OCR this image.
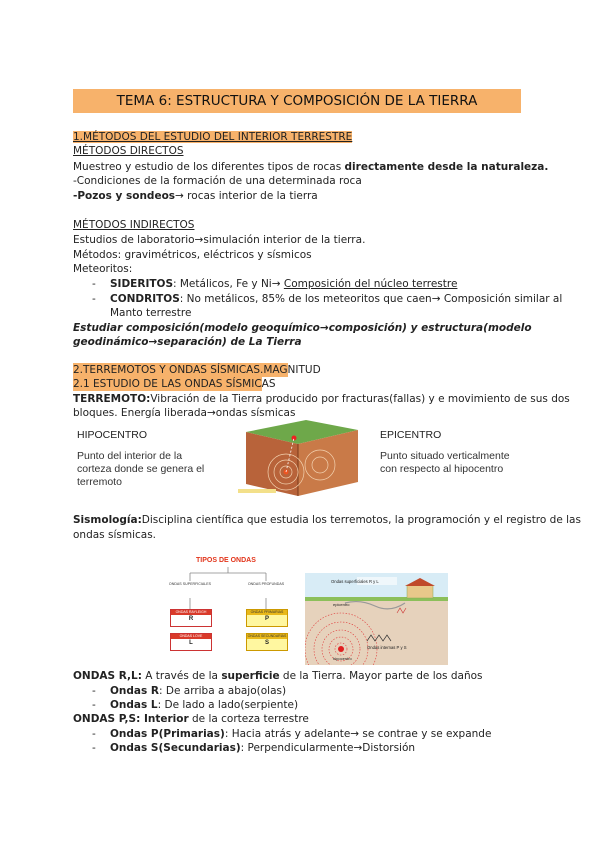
TEMA 6: ESTRUCTURA Y COMPOSICIÓN DE LA TIERRA
1.MÉTODOS DEL ESTUDIO DEL INTERIOR TERRESTRE
MÉTODOS DIRECTOS
Muestreo y estudio de los diferentes tipos de rocas directamente desde la naturaleza.
-Condiciones de la formación de una determinada roca
-Pozos y sondeos→ rocas interior de la tierra
MÉTODOS INDIRECTOS
Estudios de laboratorio→simulación interior de la tierra.
Métodos: gravimétricos, eléctricos y sísmicos
Meteoritos:
- SIDERITOS: Metálicos, Fe y Ni→ Composición del núcleo terrestre
- CONDRITOS: No metálicos, 85% de los meteoritos que caen→ Composición similar al
Manto terrestre
Estudiar composición(modelo geoquímico→composición) y estructura(modelo
geodinámico→separación) de La Tierra
2.TERREMOTOS Y ONDAS SÍSMICAS.MAGNITUD
2.1 ESTUDIO DE LAS ONDAS SÍSMICAS
TERREMOTO:Vibración de la Tierra producido por fracturas(fallas) y e movimiento de sus dos
bloques. Energía liberada→ondas sísmicas
HIPOCENTRO
Punto del interior de la
corteza donde se genera el
terremoto
EPICENTRO
Punto situado verticalmente
con respecto al hipocentro
Sismología:Disciplina científica que estudia los terremotos, la programoción y el registro de las
ondas sísmicas.
TIPOS DE ONDAS
ONDAS SUPERFICIALES	ONDAS PROFUNDAS
ONDAS RAYLEIGH
R
ONDAS LOVE
L
ONDAS PRIMARIAS
P
ONDAS SECUNDARIAS
S
Ondas superficiales R y L
epicentro
Ondas internas P y S
hipocentro
ONDAS R,L: A través de la superficie de la Tierra. Mayor parte de los daños
- Ondas R: De arriba a abajo(olas)
- Ondas L: De lado a lado(serpiente)
ONDAS P,S: Interior de la corteza terrestre
- Ondas P(Primarias): Hacia atrás y adelante→ se contrae y se expande
- Ondas S(Secundarias): Perpendicularmente→Distorsión
